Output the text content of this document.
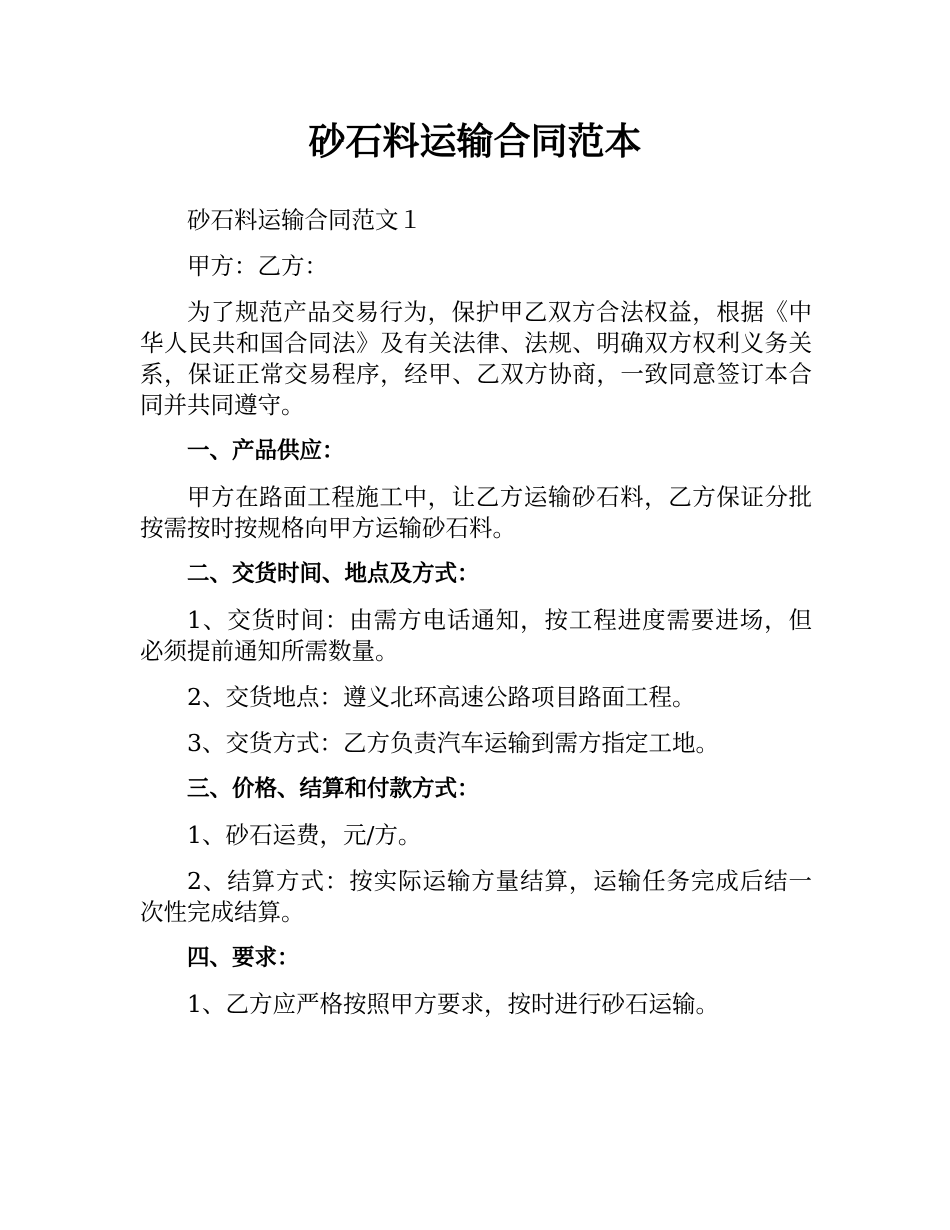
砂石料运输合同范本

砂石料运输合同范文１

甲方：乙方：

为了规范产品交易行为，保护甲乙双方合法权益，根据《中华人民共和国合同法》及有关法律、法规、明确双方权利义务关系，保证正常交易程序，经甲、乙双方协商，一致同意签订本合同并共同遵守。

一、产品供应：

甲方在路面工程施工中，让乙方运输砂石料，乙方保证分批按需按时按规格向甲方运输砂石料。

二、交货时间、地点及方式：

1、交货时间：由需方电话通知，按工程进度需要进场，但必须提前通知所需数量。

2、交货地点：遵义北环高速公路项目路面工程。

3、交货方式：乙方负责汽车运输到需方指定工地。

三、价格、结算和付款方式：

1、砂石运费，元/方。

2、结算方式：按实际运输方量结算，运输任务完成后结一次性完成结算。

四、要求：

1、乙方应严格按照甲方要求，按时进行砂石运输。
